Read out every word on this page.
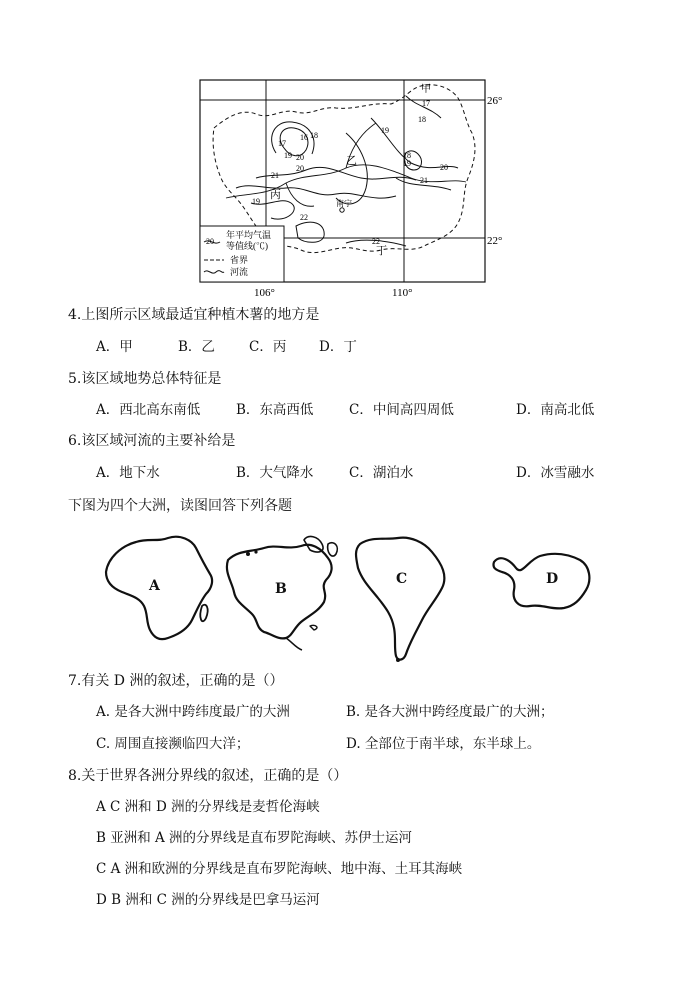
甲
17
18
19
20
21
22
18
19
20
17
16 18
19
21
20
19
22
乙
丙
丁
南宁
20
年平均气温
等值线(℃)
省界
河流
26°
22°
106°	110°
4.上图所示区域最适宜种植木薯的地方是
A．甲	B．乙	C．丙 D．丁
5.该区域地势总体特征是
A．西北高东南低	B．东高西低	C．中间高四周低	D．南高北低
6.该区域河流的主要补给是
A．地下水	B．大气降水	C．湖泊水	D．冰雪融水
下图为四个大洲，读图回答下列各题
A	B
C	D
7.有关 D 洲的叙述，正确的是（）
A. 是各大洲中跨纬度最广的大洲	B. 是各大洲中跨经度最广的大洲；
C. 周围直接濒临四大洋；	D. 全部位于南半球，东半球上。
8.关于世界各洲分界线的叙述，正确的是（）
A C 洲和 D 洲的分界线是麦哲伦海峡
B 亚洲和 A 洲的分界线是直布罗陀海峡、苏伊士运河
C A 洲和欧洲的分界线是直布罗陀海峡、地中海、土耳其海峡
D B 洲和 C 洲的分界线是巴拿马运河
